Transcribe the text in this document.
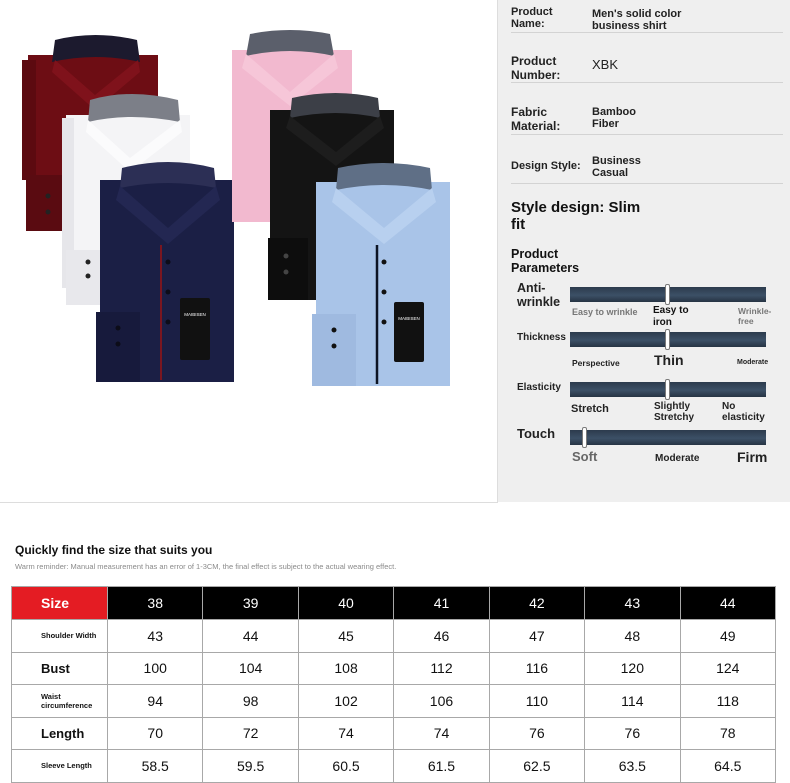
MAIBISEN
MAIBISEN
Product Name:
Men's solid color business shirt
Product Number:
XBK
Fabric Material:
Bamboo Fiber
Design Style:	Business Casual
Style design: Slim fit
Product Parameters
Anti-wrinkle
Easy to wrinkle	Easy to iron
Wrinkle-free
Thickness
Perspective Thin	Moderate
Elasticity
Stretch	Slightly Stretchy
No elasticity
Touch
Soft	Moderate	Firm
Quickly find the size that suits you
Warm reminder: Manual measurement has an error of 1-3CM, the final effect is subject to the actual wearing effect.
Size	38	39	40	41	42	43	44
Shoulder Width	43	44	45	46	47	48	49
Bust	100	104	108	112	116	120	124
Waist circumference	94	98	102	106	110	114	118
Length	70	72	74	74	76	76	78
Sleeve Length	58.5	59.5	60.5	61.5	62.5	63.5	64.5
